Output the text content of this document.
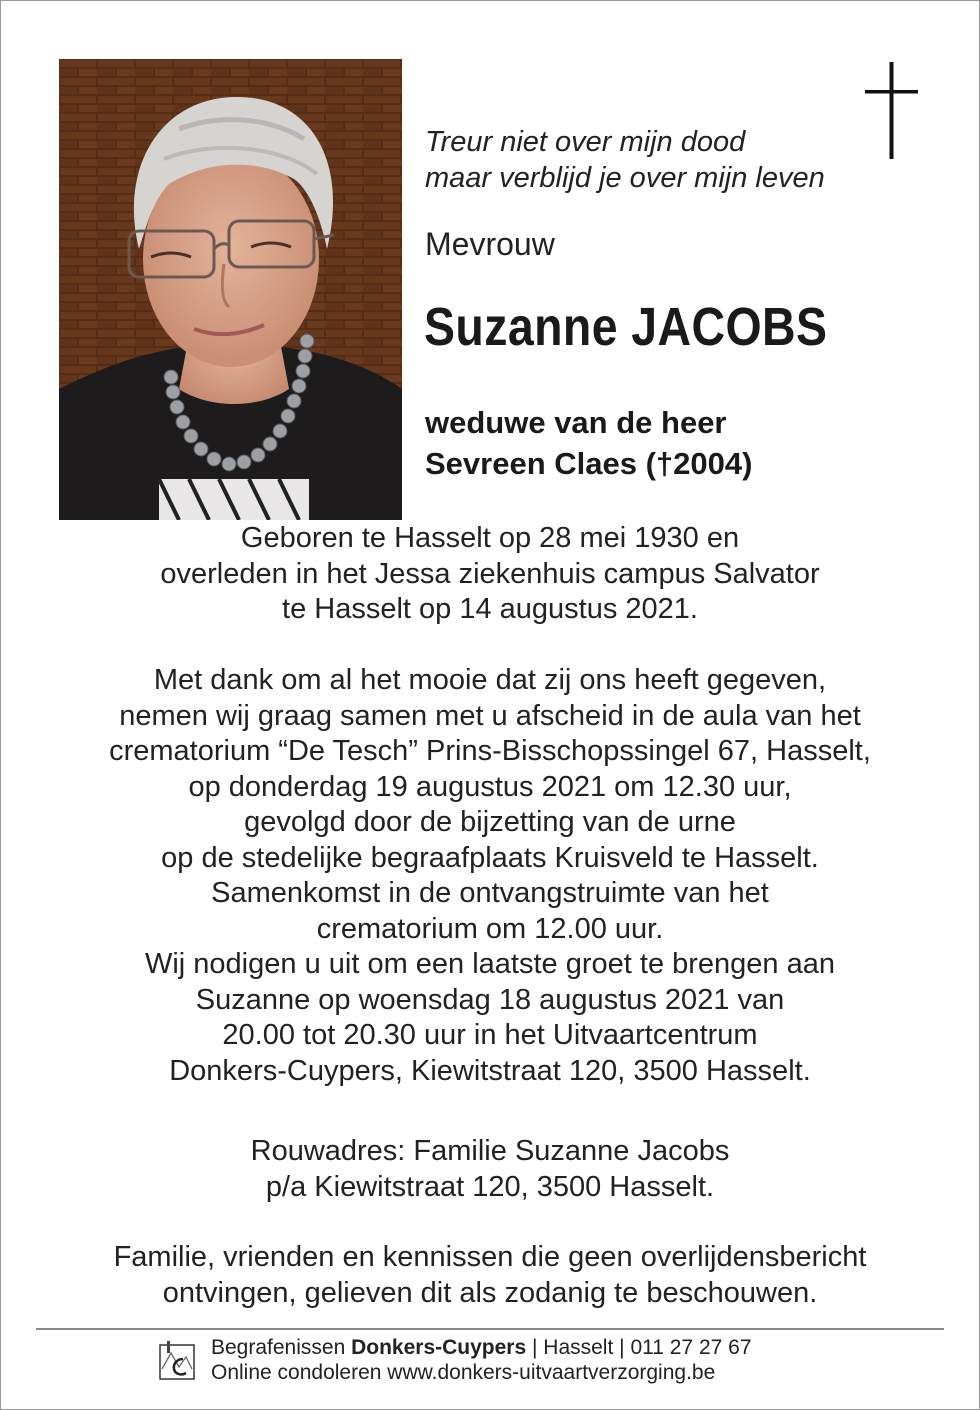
Treur niet over mijn dood
maar verblijd je over mijn leven
Mevrouw
Suzanne JACOBS
weduwe van de heer
Sevreen Claes (†2004)
Geboren te Hasselt op 28 mei 1930 en
overleden in het Jessa ziekenhuis campus Salvator
te Hasselt op 14 augustus 2021.
Met dank om al het mooie dat zij ons heeft gegeven,
nemen wij graag samen met u afscheid in de aula van het
crematorium “De Tesch” Prins-Bisschopssingel 67, Hasselt,
op donderdag 19 augustus 2021 om 12.30 uur,
gevolgd door de bijzetting van de urne
op de stedelijke begraafplaats Kruisveld te Hasselt.
Samenkomst in de ontvangstruimte van het
crematorium om 12.00 uur.
Wij nodigen u uit om een laatste groet te brengen aan
Suzanne op woensdag 18 augustus 2021 van
20.00 tot 20.30 uur in het Uitvaartcentrum
Donkers-Cuypers, Kiewitstraat 120, 3500 Hasselt.
Rouwadres: Familie Suzanne Jacobs
p/a Kiewitstraat 120, 3500 Hasselt.
Familie, vrienden en kennissen die geen overlijdensbericht
ontvingen, gelieven dit als zodanig te beschouwen.
Begrafenissen Donkers-Cuypers | Hasselt | 011 27 27 67
Online condoleren www.donkers-uitvaartverzorging.be
